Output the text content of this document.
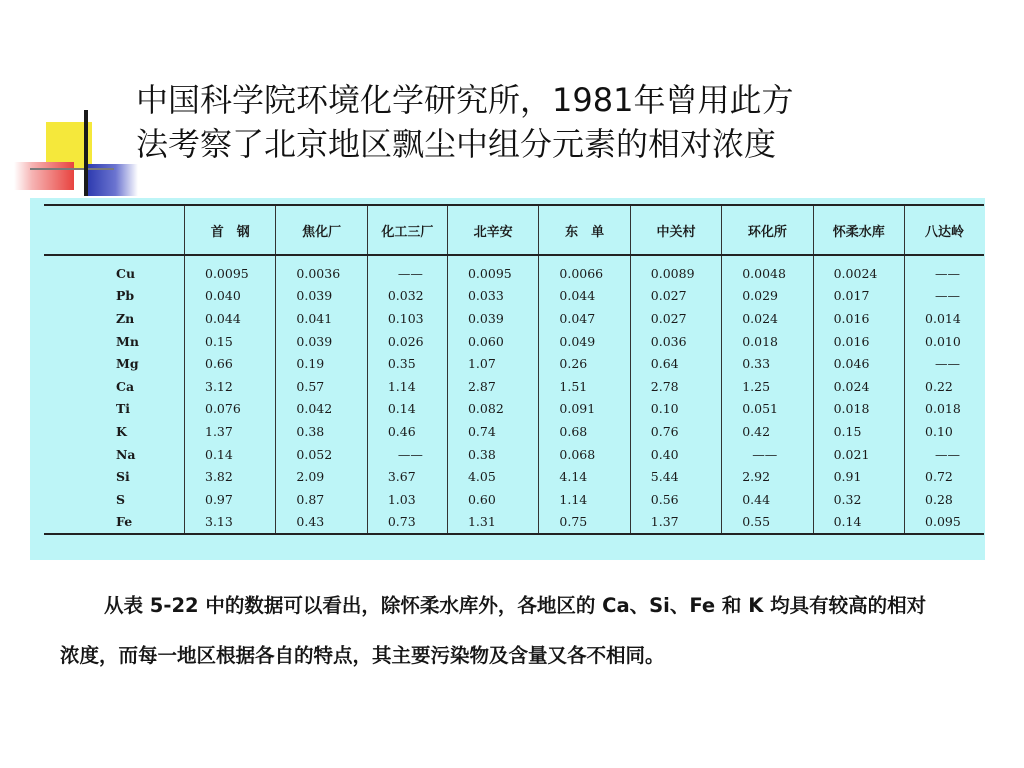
中国科学院环境化学研究所，1981年曾用此方
法考察了北京地区飘尘中组分元素的相对浓度
	首　钢	焦化厂	化工三厂	北辛安	东　单	中关村	环化所	怀柔水库	八达岭
Cu	0.0095	0.0036	——	0.0095	0.0066	0.0089	0.0048	0.0024	——
Pb	0.040	0.039	0.032	0.033	0.044	0.027	0.029	0.017	——
Zn	0.044	0.041	0.103	0.039	0.047	0.027	0.024	0.016	0.014
Mn	0.15	0.039	0.026	0.060	0.049	0.036	0.018	0.016	0.010
Mg	0.66	0.19	0.35	1.07	0.26	0.64	0.33	0.046	——
Ca	3.12	0.57	1.14	2.87	1.51	2.78	1.25	0.024	0.22
Ti	0.076	0.042	0.14	0.082	0.091	0.10	0.051	0.018	0.018
K	1.37	0.38	0.46	0.74	0.68	0.76	0.42	0.15	0.10
Na	0.14	0.052	——	0.38	0.068	0.40	——	0.021	——
Si	3.82	2.09	3.67	4.05	4.14	5.44	2.92	0.91	0.72
S	0.97	0.87	1.03	0.60	1.14	0.56	0.44	0.32	0.28
Fe	3.13	0.43	0.73	1.31	0.75	1.37	0.55	0.14	0.095
从表 5-22 中的数据可以看出，除怀柔水库外，各地区的 Ca、Si、Fe 和 K 均具有较高的相对
浓度，而每一地区根据各自的特点，其主要污染物及含量又各不相同。
